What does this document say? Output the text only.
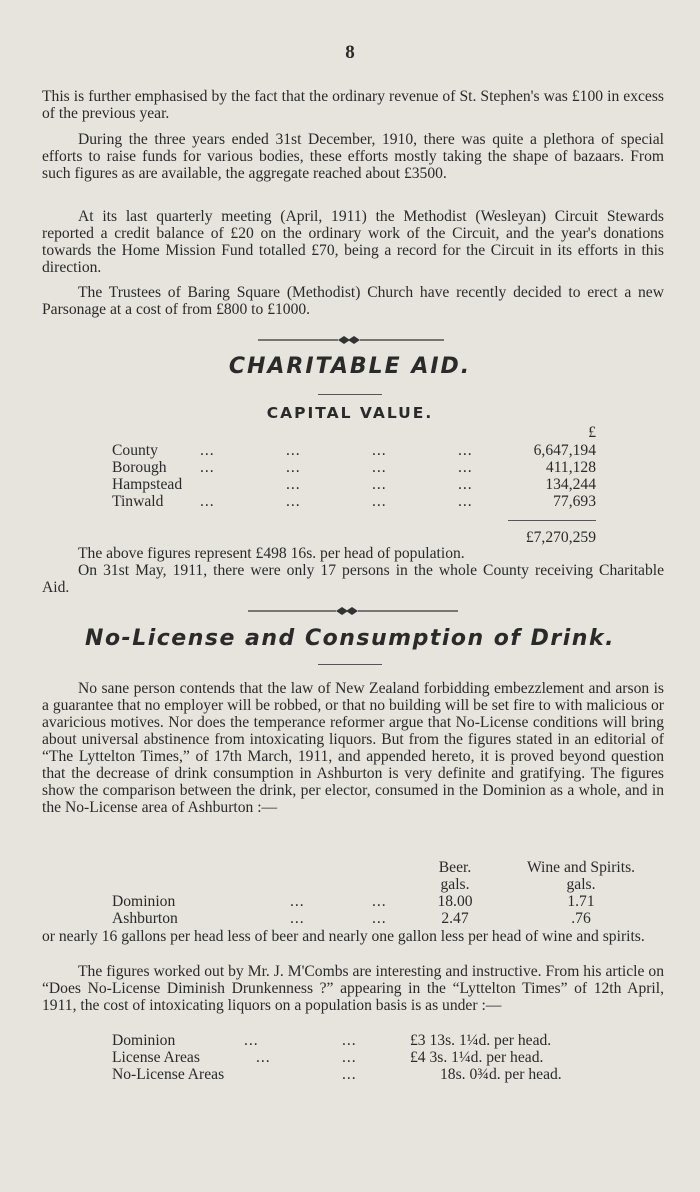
8

This is further emphasised by the fact that the ordinary revenue of St. Stephen's was £100 in excess of the previous year.

During the three years ended 31st December, 1910, there was quite a plethora of special efforts to raise funds for various bodies, these efforts mostly taking the shape of bazaars. From such figures as are available, the aggregate reached about £3500.

At its last quarterly meeting (April, 1911) the Methodist (Wesleyan) Circuit Stewards reported a credit balance of £20 on the ordinary work of the Circuit, and the year's donations towards the Home Mission Fund totalled £70, being a record for the Circuit in its efforts in this direction.

The Trustees of Baring Square (Methodist) Church have recently decided to erect a new Parsonage at a cost of from £800 to £1000.

CHARITABLE AID.
CAPITAL VALUE.
£
County	...	...	...	...	6,647,194
Borough ...	...	...	...	411,128
Hampstead	...	...	...	134,244
Tinwald ...	...	...	...	77,693
£7,270,259

The above figures represent £498 16s. per head of population.

On 31st May, 1911, there were only 17 persons in the whole County receiving Charitable Aid.

No-License and Consumption of Drink.

No sane person contends that the law of New Zealand forbidding embezzlement and arson is a guarantee that no employer will be robbed, or that no building will be set fire to with malicious or avaricious motives. Nor does the temperance reformer argue that No-License conditions will bring about universal abstinence from intoxicating liquors. But from the figures stated in an editorial of “The Lyttelton Times,” of 17th March, 1911, and appended hereto, it is proved beyond question that the decrease of drink consumption in Ashburton is very definite and gratifying. The figures show the comparison between the drink, per elector, consumed in the Dominion as a whole, and in the No-License area of Ashburton :—

Beer.	Wine and Spirits.
gals.	gals.
Dominion	...	...	18.00	1.71
Ashburton	...	...	2.47	.76

or nearly 16 gallons per head less of beer and nearly one gallon less per head of wine and spirits.

The figures worked out by Mr. J. M'Combs are interesting and instructive. From his article on “Does No-License Diminish Drunkenness ?” appearing in the “Lyttelton Times” of 12th April, 1911, the cost of intoxicating liquors on a population basis is as under :—

Dominion	...	...	£3 13s. 1¼d. per head.
License Areas	...	...	£4 3s. 1¼d. per head.
No-License Areas	...	18s. 0¾d. per head.
